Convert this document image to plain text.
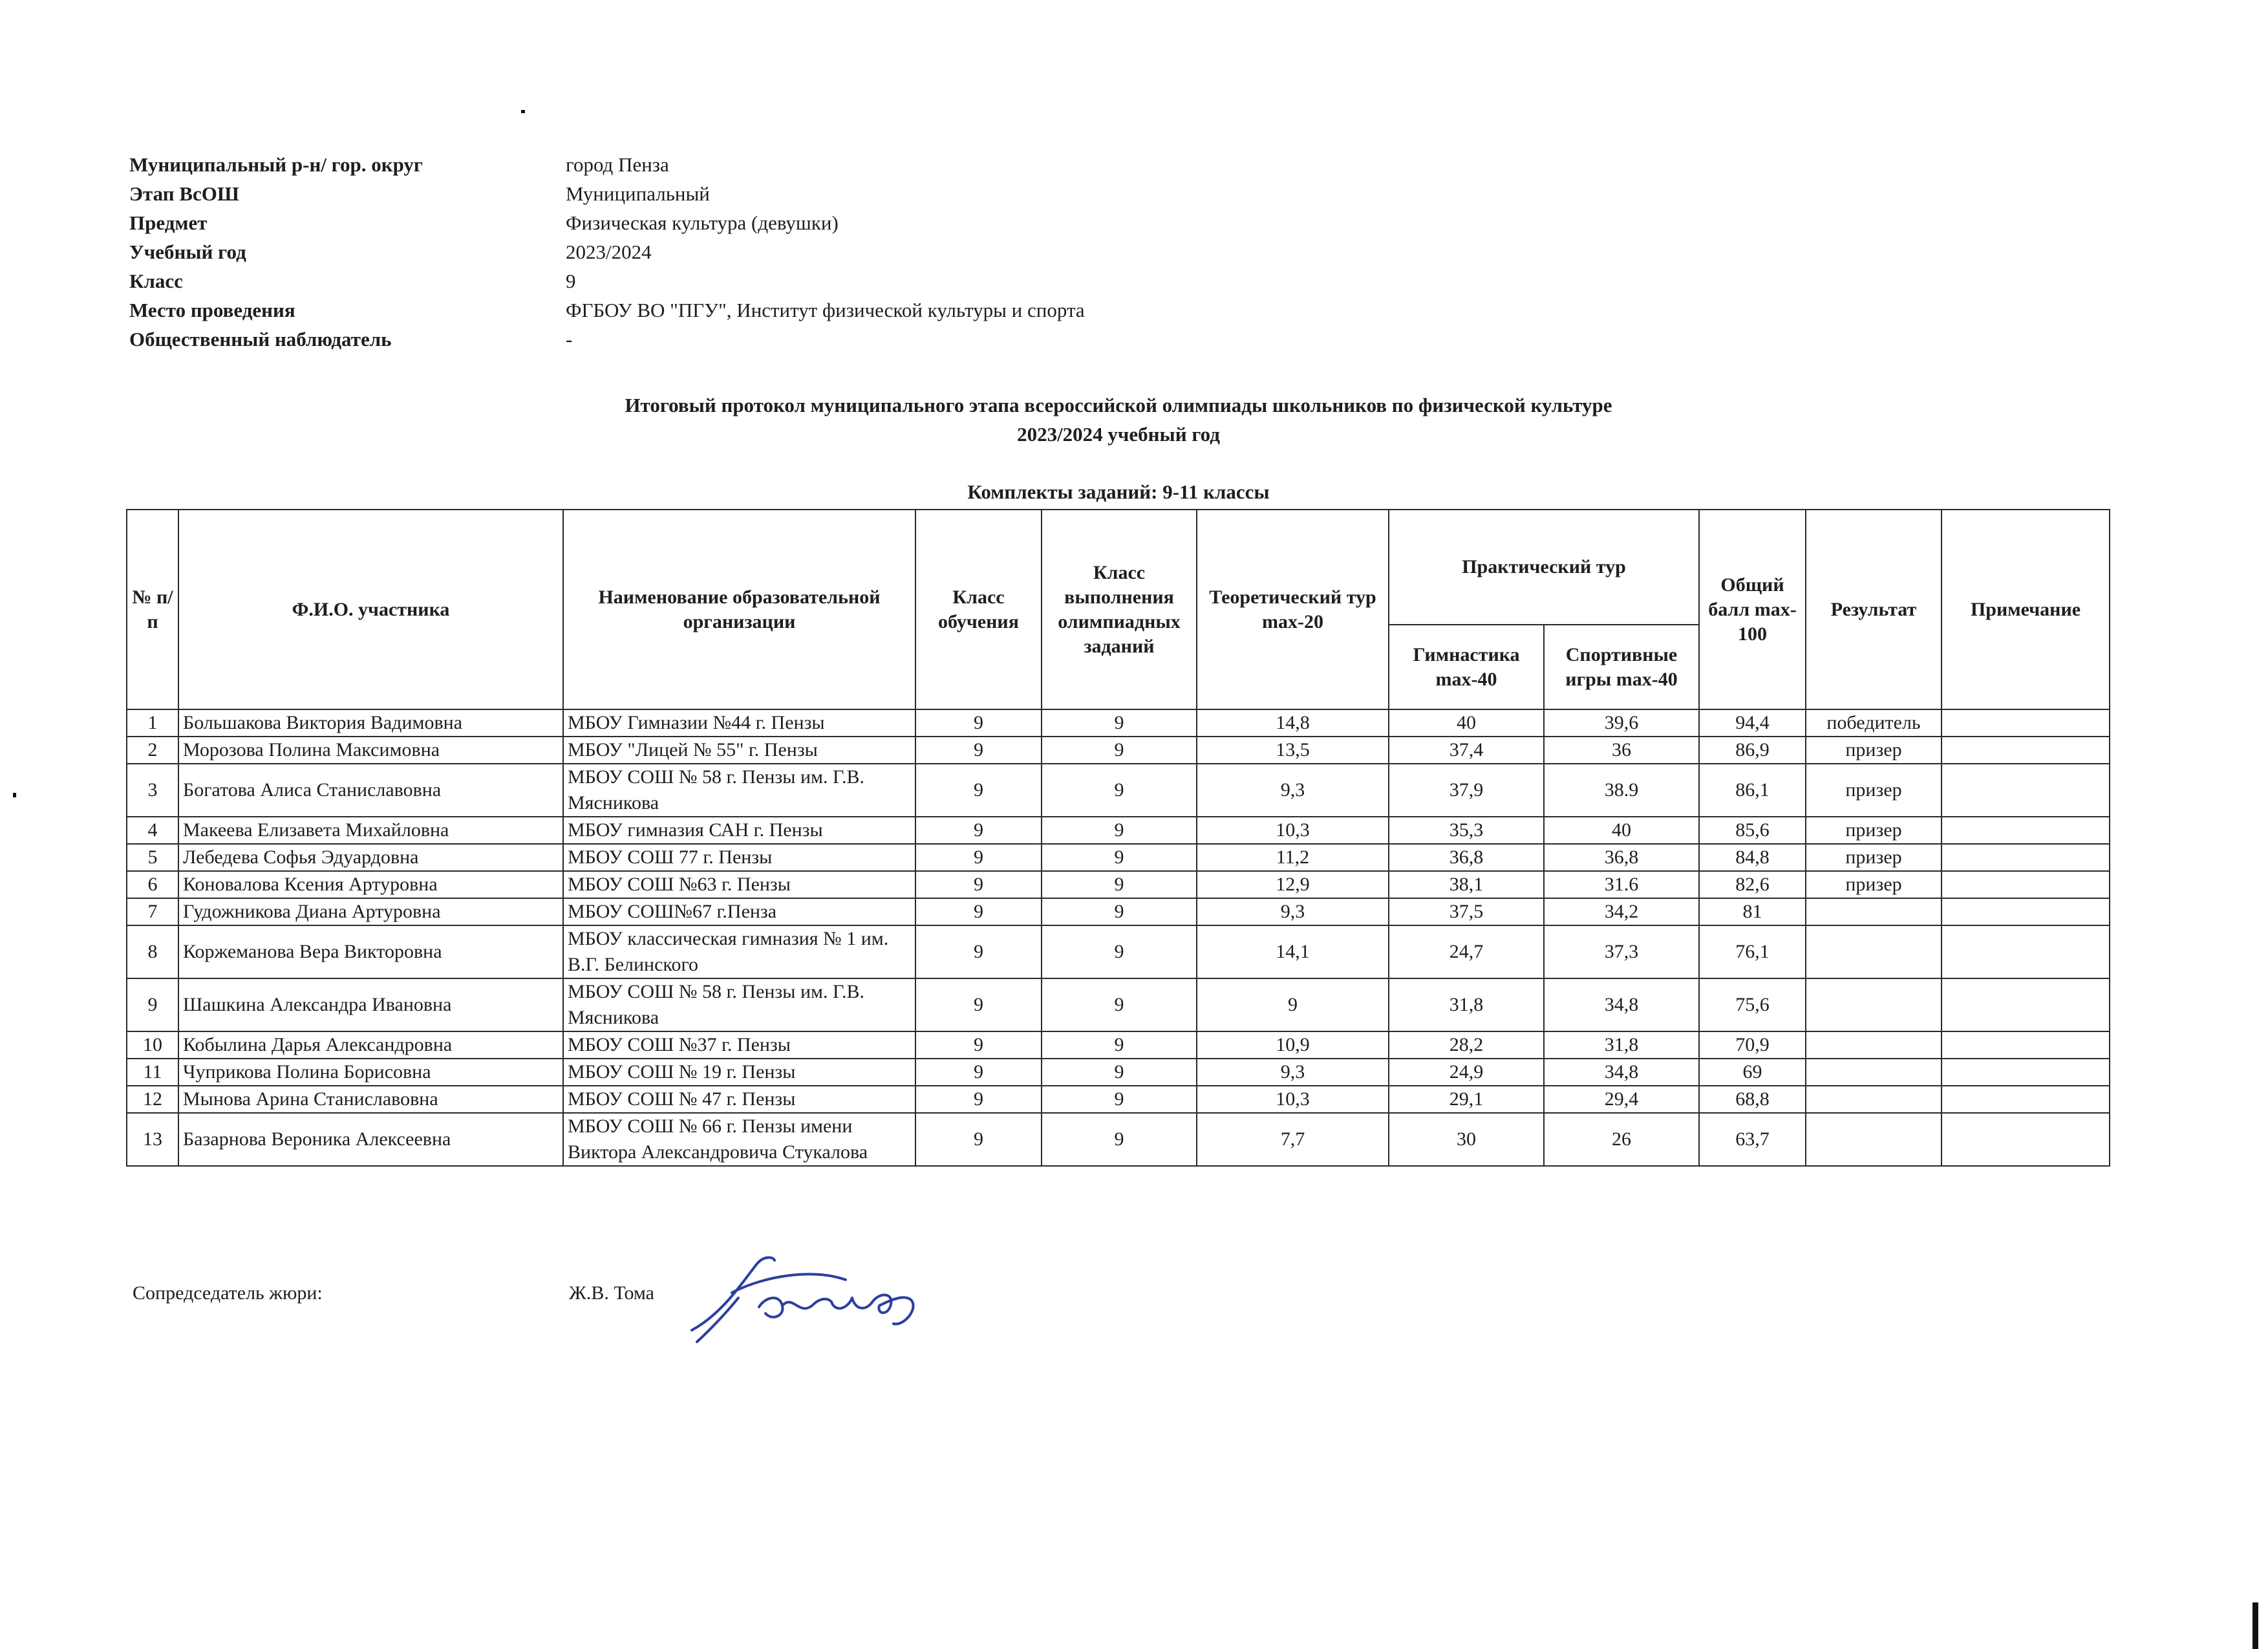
Муниципальный р-н/ гор. округ	город Пенза
Этап ВсОШ	Муниципальный
Предмет	Физическая культура (девушки)
Учебный год	2023/2024
Класс	9
Место проведения	ФГБОУ ВО "ПГУ", Институт физической культуры и спорта
Общественный наблюдатель	-
Итоговый протокол муниципального этапа всероссийской олимпиады школьников по физической культуре
2023/2024 учебный год
Комплекты заданий: 9-11 классы
№ п/п	Ф.И.О. участника	Наименование образовательной организации	Класс обучения	Класс выполнения олимпиадных заданий	Теоретический тур max-20	Практический тур		Общий балл max-100	Результат	Примечание
						Гимнастика max-40	Спортивные игры max-40			
1	Большакова Виктория Вадимовна	МБОУ Гимназии №44 г. Пензы	9	9	14,8	40	39,6	94,4	победитель	
2	Морозова Полина Максимовна	МБОУ "Лицей № 55" г. Пензы	9	9	13,5	37,4	36	86,9	призер	
3	Богатова Алиса Станиславовна	МБОУ СОШ № 58 г. Пензы им. Г.В. Мясникова	9	9	9,3	37,9	38.9	86,1	призер	
4	Макеева Елизавета Михайловна	МБОУ гимназия САН г. Пензы	9	9	10,3	35,3	40	85,6	призер	
5	Лебедева Софья Эдуардовна	МБОУ СОШ 77 г. Пензы	9	9	11,2	36,8	36,8	84,8	призер	
6	Коновалова Ксения Артуровна	МБОУ СОШ №63 г. Пензы	9	9	12,9	38,1	31.6	82,6	призер	
7	Гудожникова Диана Артуровна	МБОУ СОШ№67 г.Пенза	9	9	9,3	37,5	34,2	81		
8	Коржеманова Вера Викторовна	МБОУ классическая гимназия № 1 им. В.Г. Белинского	9	9	14,1	24,7	37,3	76,1		
9	Шашкина Александра Ивановна	МБОУ СОШ № 58 г. Пензы им. Г.В. Мясникова	9	9	9	31,8	34,8	75,6		
10	Кобылина Дарья Александровна	МБОУ СОШ №37 г. Пензы	9	9	10,9	28,2	31,8	70,9		
11	Чуприкова Полина Борисовна	МБОУ СОШ № 19 г. Пензы	9	9	9,3	24,9	34,8	69		
12	Мынова Арина Станиславовна	МБОУ СОШ № 47 г. Пензы	9	9	10,3	29,1	29,4	68,8		
13	Базарнова Вероника Алексеевна	МБОУ СОШ № 66 г. Пензы имени Виктора Александровича Стукалова	9	9	7,7	30	26	63,7		
Сопредседатель жюри:	Ж.В. Тома
